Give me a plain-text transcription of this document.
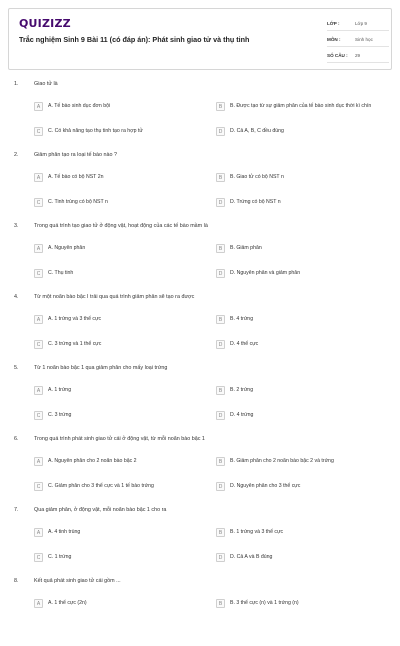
QUIZIZZ
Trắc nghiệm Sinh 9 Bài 11 (có đáp án): Phát sinh giao tử và thụ tinh
LỚP :	Lớp 9
MÔN :	Sinh học
SỐ CÂU :	29
1.	Giao tử là
A	A. Tế bào sinh dục đơn bội	B	B. Được tạo từ sự giảm phân của tế bào sinh dục thời kì chín
C	C. Có khả năng tạo thụ tinh tạo ra hợp tử	D	D. Cả A, B, C đều đúng
2.	Giảm phân tạo ra loại tế bào nào ?
A	A. Tế bào có bộ NST 2n	B	B. Giao tử có bộ NST n
C	C. Tinh trùng có bộ NST n	D	D. Trứng có bộ NST n
3.	Trong quá trình tạo giao tử ở động vật, hoạt động của các tế bào mầm là
A	A. Nguyên phân	B	B. Giảm phân
C	C. Thụ tinh	D	D. Nguyên phân và giảm phân
4.	Từ một noãn bào bậc I trải qua quá trình giảm phân sẽ tạo ra được
A	A. 1 trứng và 3 thể cực	B	B. 4 trứng
C	C. 3 trứng và 1 thể cực	D	D. 4 thể cực
5.	Từ 1 noãn bào bậc 1 qua giảm phân cho mấy loại trứng
A	A. 1 trứng	B	B. 2 trứng
C	C. 3 trứng	D	D. 4 trứng
6.	Trong quá trình phát sinh giao tử cái ở động vật, từ mỗi noãn bào bậc 1
A	A. Nguyên phân cho 2 noãn bào bậc 2	B	B. Giảm phân cho 2 noãn bào bậc 2 và trứng
C	C. Giảm phân cho 3 thể cực và 1 tế bào trứng	D	D. Nguyên phân cho 3 thể cực
7.	Qua giảm phân, ở động vật, mỗi noãn bào bậc 1 cho ra
A	A. 4 tinh trùng	B	B. 1 trứng và 3 thể cực
C	C. 1 trứng	D	D. Cả A và B đúng
8.	Kết quả phát sinh giao tử cái gồm ...
A	A. 1 thể cực (2n)	B	B. 3 thể cực (n) và 1 trứng (n)
